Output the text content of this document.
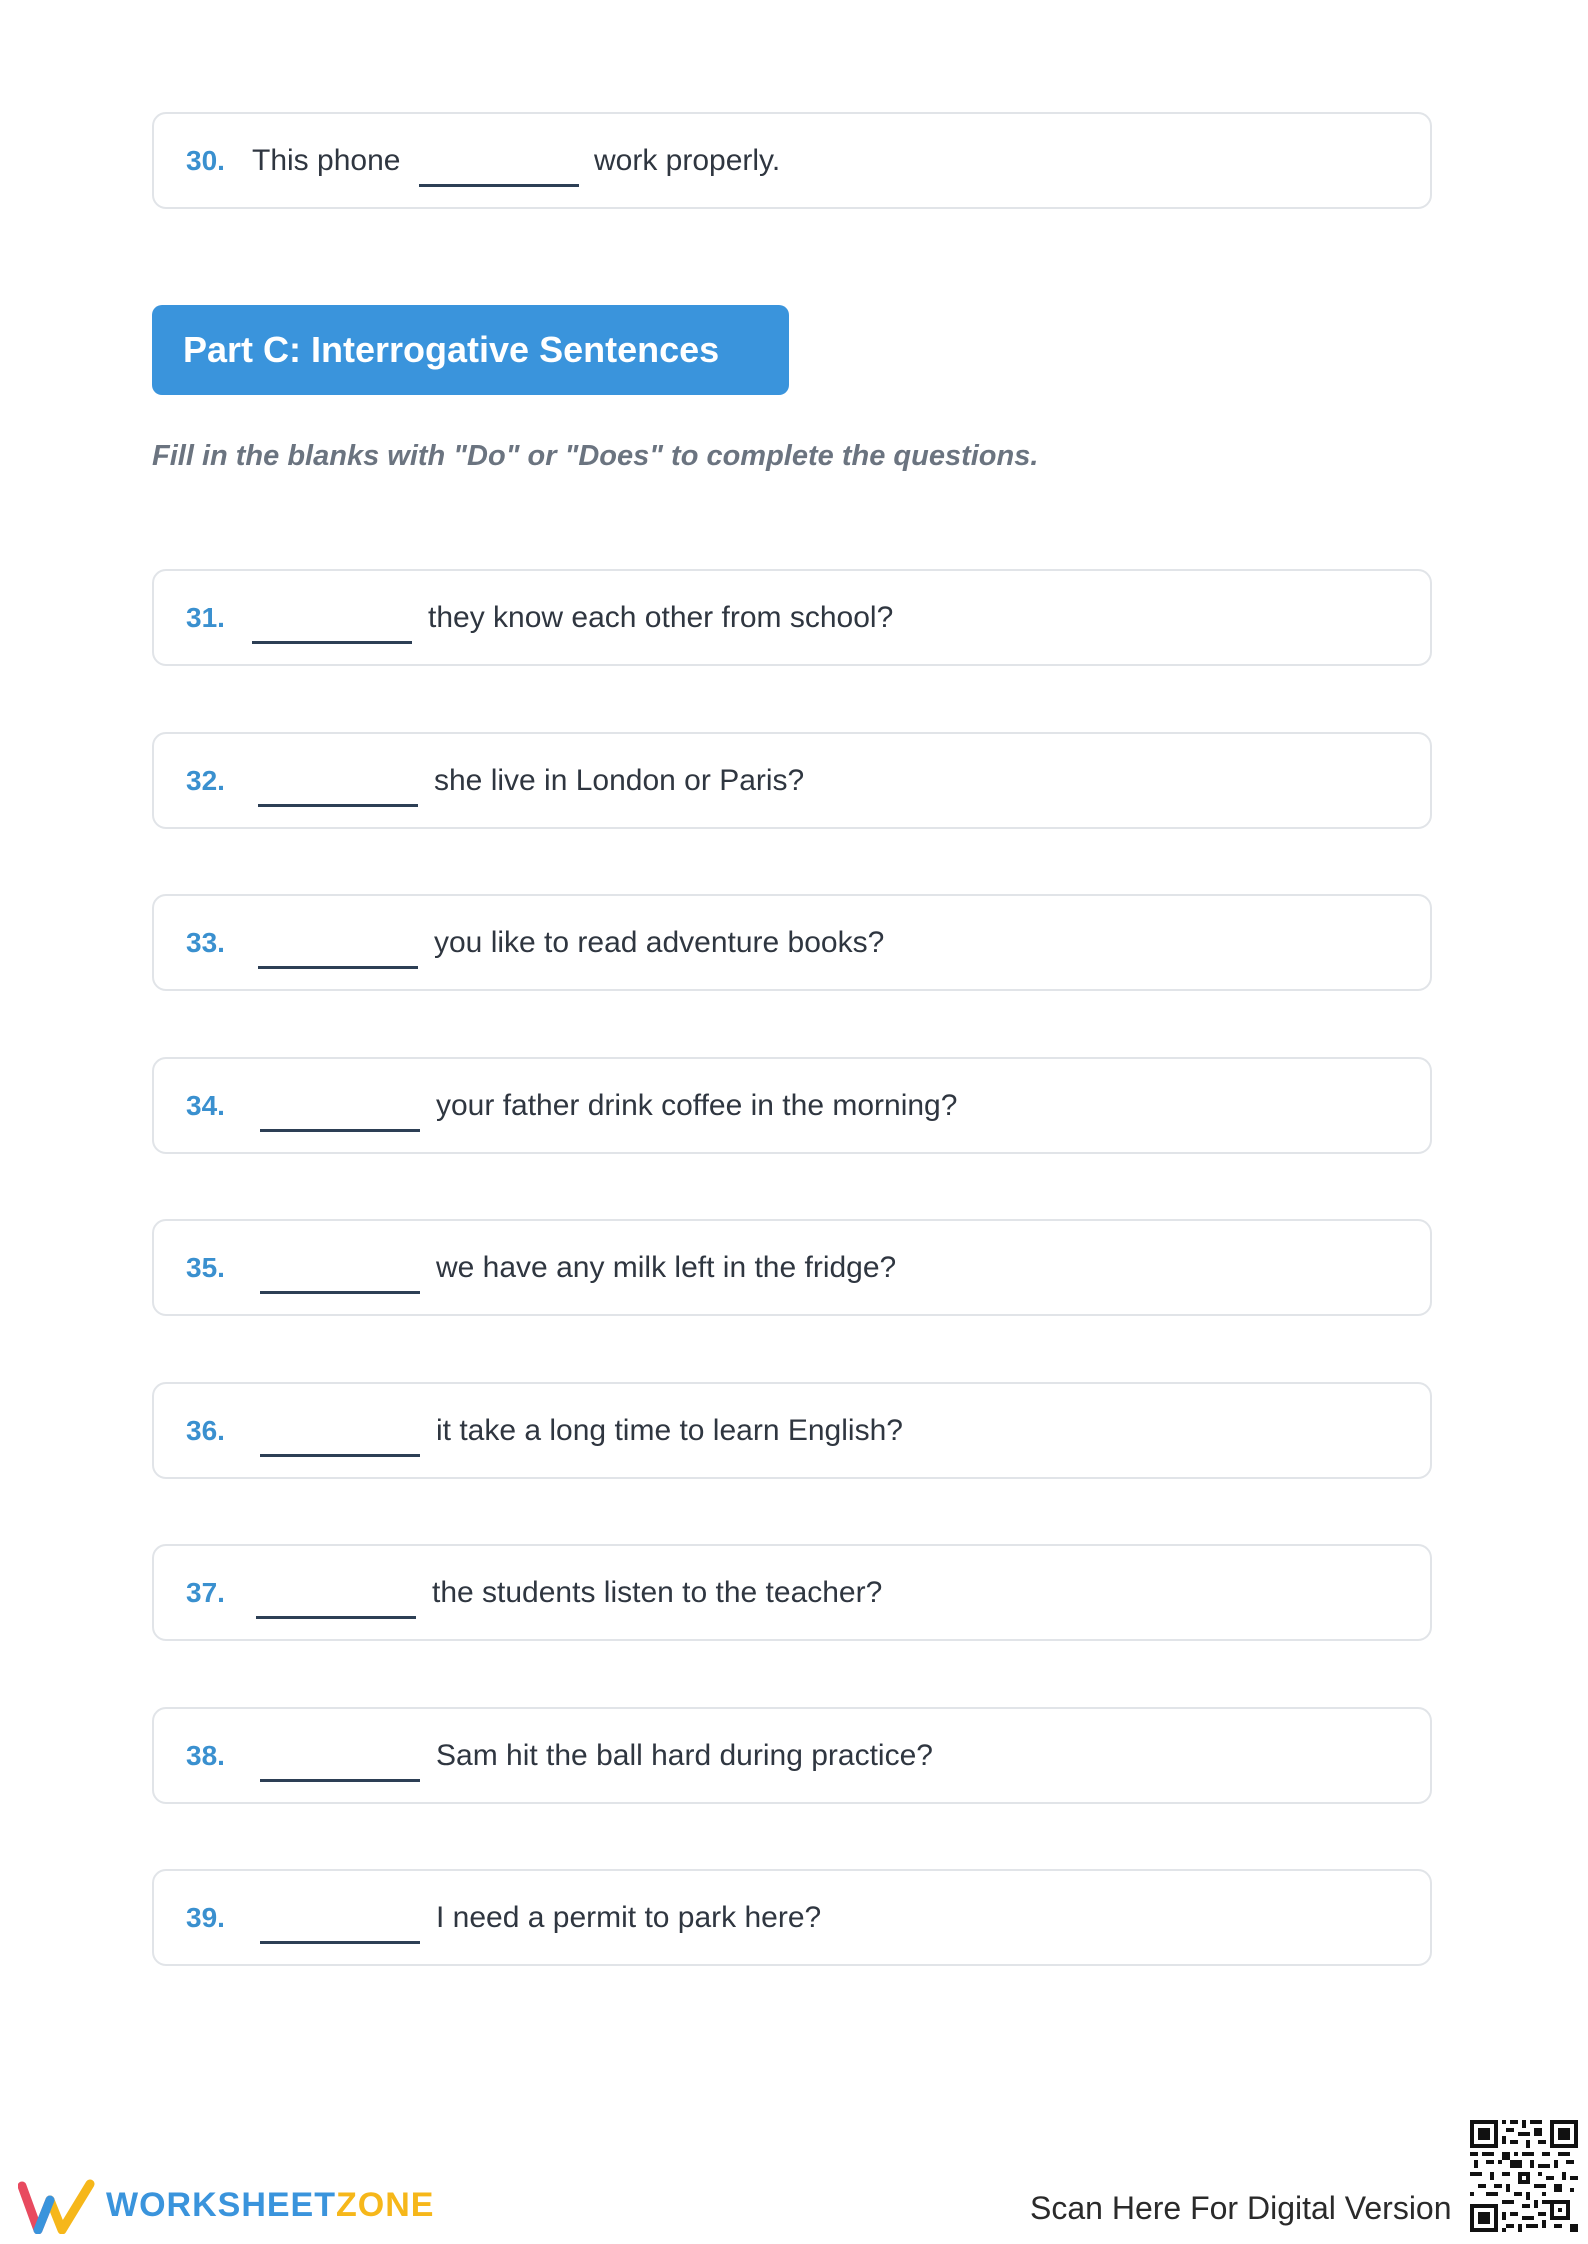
30. This phone	work properly.
Part C: Interrogative Sentences
Fill in the blanks with "Do" or "Does" to complete the questions.
31.	they know each other from school?
32.	she live in London or Paris?
33.	you like to read adventure books?
34.	your father drink coffee in the morning?
35.	we have any milk left in the fridge?
36.	it take a long time to learn English?
37.	the students listen to the teacher?
38.	Sam hit the ball hard during practice?
39.	I need a permit to park here?
WORKSHEETZONE	Scan Here For Digital Version
